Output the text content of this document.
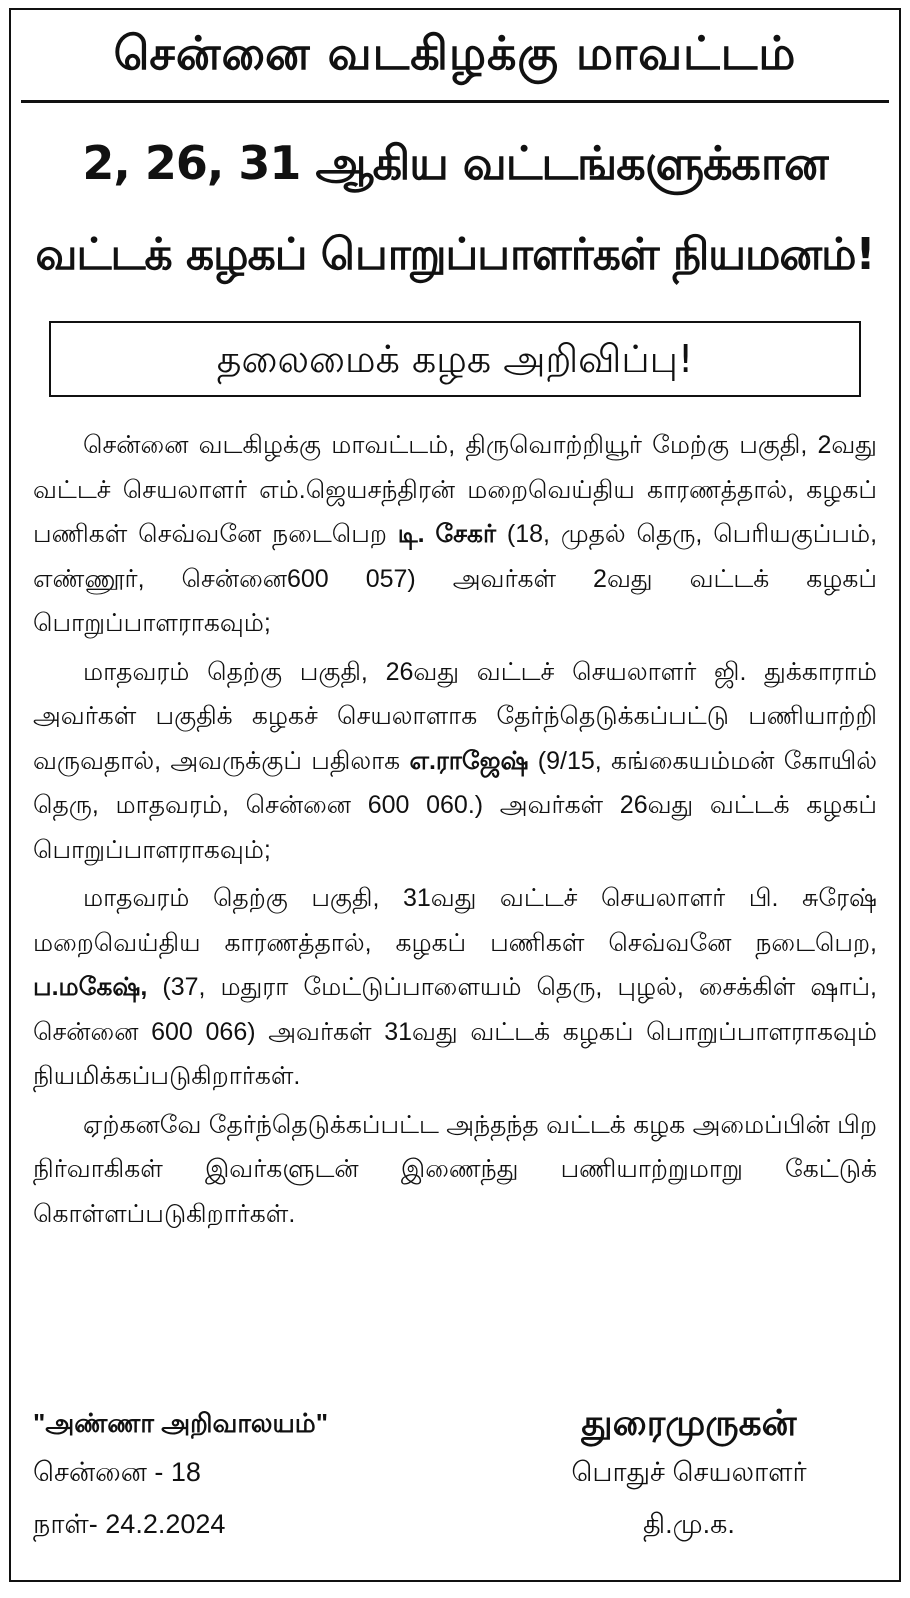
சென்னை வடகிழக்கு மாவட்டம்
2, 26, 31 ஆகிய வட்டங்களுக்கான
வட்டக் கழகப் பொறுப்பாளர்கள் நியமனம்!
தலைமைக் கழக அறிவிப்பு!

சென்னை வடகிழக்கு மாவட்டம், திருவொற்றியூர் மேற்கு பகுதி, 2வது வட்டச் செயலாளர் எம்.ஜெயசந்திரன் மறைவெய்திய காரணத்தால், கழகப் பணிகள் செவ்வனே நடைபெற டி. சேகர் (18, முதல் தெரு, பெரியகுப்பம், எண்ணூர், சென்னை600 057) அவர்கள் 2வது வட்டக் கழகப் பொறுப்பாளராகவும்;

மாதவரம் தெற்கு பகுதி, 26வது வட்டச் செயலாளர் ஜி. துக்காராம் அவர்கள் பகுதிக் கழகச் செயலாளாக தேர்ந்தெடுக்கப்பட்டு பணியாற்றி வருவதால், அவருக்குப் பதிலாக எ.ராஜேஷ் (9/15, கங்கையம்மன் கோயில் தெரு, மாதவரம், சென்னை 600 060.) அவர்கள் 26வது வட்டக் கழகப் பொறுப்பாளராகவும்;

மாதவரம் தெற்கு பகுதி, 31வது வட்டச் செயலாளர் பி. சுரேஷ் மறைவெய்திய காரணத்தால், கழகப் பணிகள் செவ்வனே நடைபெற, ப.மகேஷ், (37, மதுரா மேட்டுப்பாளையம் தெரு, புழல், சைக்கிள் ஷாப், சென்னை 600 066) அவர்கள் 31வது வட்டக் கழகப் பொறுப்பாளராகவும் நியமிக்கப்படுகிறார்கள்.

ஏற்கனவே தேர்ந்தெடுக்கப்பட்ட அந்தந்த வட்டக் கழக அமைப்பின் பிற நிர்வாகிகள் இவர்களுடன் இணைந்து பணியாற்றுமாறு கேட்டுக் கொள்ளப்படுகிறார்கள்.

"அண்ணா அறிவாலயம்"
சென்னை - 18
நாள்- 24.2.2024
துரைமுருகன்
பொதுச் செயலாளர்
தி.மு.க.
